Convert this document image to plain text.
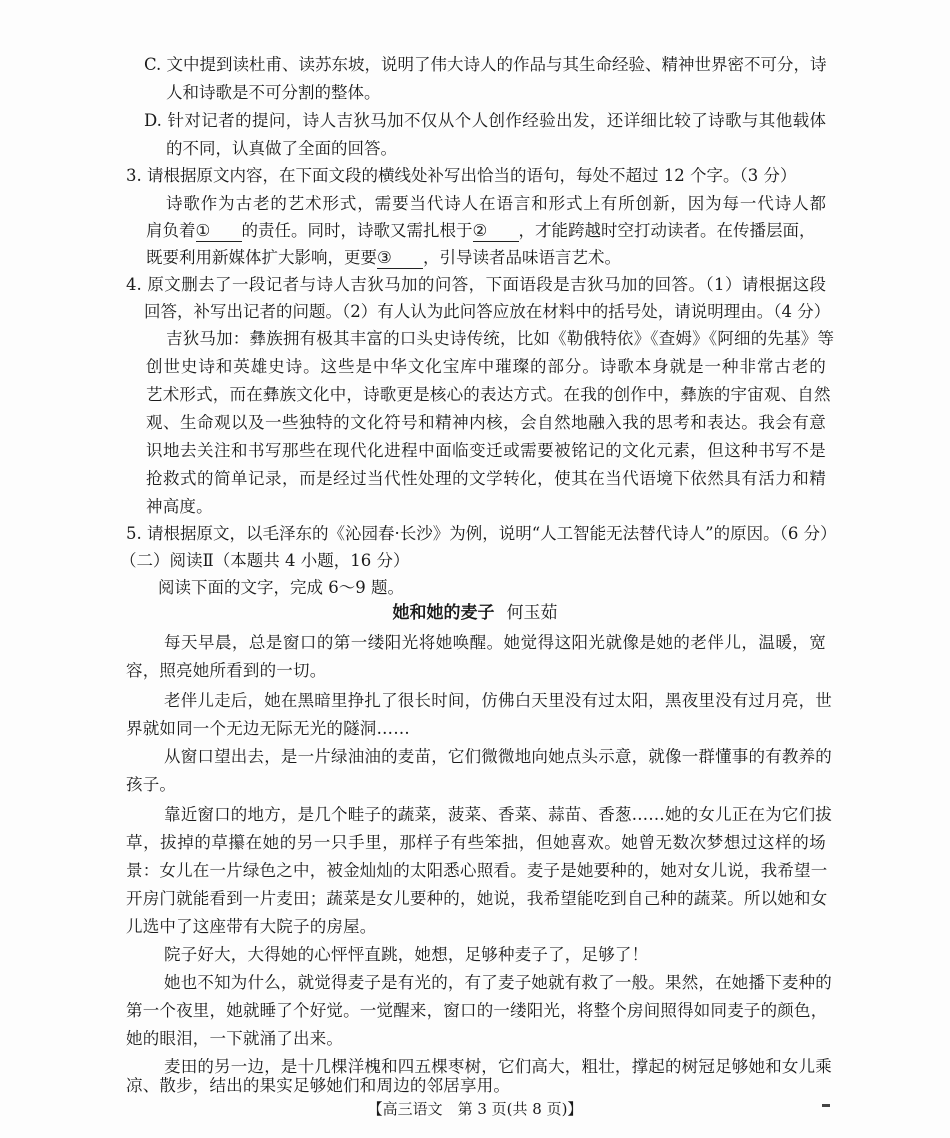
C. 文中提到读杜甫、读苏东坡，说明了伟大诗人的作品与其生命经验、精神世界密不可分，诗

人和诗歌是不可分割的整体。

D. 针对记者的提问，诗人吉狄马加不仅从个人创作经验出发，还详细比较了诗歌与其他载体

的不同，认真做了全面的回答。

3. 请根据原文内容，在下面文段的横线处补写出恰当的语句，每处不超过 12 个字。（3 分）

诗歌作为古老的艺术形式，需要当代诗人在语言和形式上有所创新，因为每一代诗人都

肩负着① 的责任。同时，诗歌又需扎根于② ，才能跨越时空打动读者。在传播层面，
既要利用新媒体扩大影响，更要③ ，引导读者品味语言艺术。

4. 原文删去了一段记者与诗人吉狄马加的问答，下面语段是吉狄马加的回答。（1）请根据这段

回答，补写出记者的问题。（2）有人认为此问答应放在材料中的括号处，请说明理由。（4 分）

吉狄马加：彝族拥有极其丰富的口头史诗传统，比如《勒俄特依》《查姆》《阿细的先基》等

创世史诗和英雄史诗。这些是中华文化宝库中璀璨的部分。诗歌本身就是一种非常古老的

艺术形式，而在彝族文化中，诗歌更是核心的表达方式。在我的创作中，彝族的宇宙观、自然

观、生命观以及一些独特的文化符号和精神内核，会自然地融入我的思考和表达。我会有意

识地去关注和书写那些在现代化进程中面临变迁或需要被铭记的文化元素，但这种书写不是

抢救式的简单记录，而是经过当代性处理的文学转化，使其在当代语境下依然具有活力和精

神高度。

5. 请根据原文，以毛泽东的《沁园春·长沙》为例，说明“人工智能无法替代诗人”的原因。（6 分）

（二）阅读Ⅱ（本题共 4 小题，16 分）

阅读下面的文字，完成 6～9 题。

她和她的麦子 何玉茹

每天早晨，总是窗口的第一缕阳光将她唤醒。她觉得这阳光就像是她的老伴儿，温暖，宽

容，照亮她所看到的一切。

老伴儿走后，她在黑暗里挣扎了很长时间，仿佛白天里没有过太阳，黑夜里没有过月亮，世

界就如同一个无边无际无光的隧洞……

从窗口望出去，是一片绿油油的麦苗，它们微微地向她点头示意，就像一群懂事的有教养的

孩子。

靠近窗口的地方，是几个畦子的蔬菜，菠菜、香菜、蒜苗、香葱……她的女儿正在为它们拔

草，拔掉的草攥在她的另一只手里，那样子有些笨拙，但她喜欢。她曾无数次梦想过这样的场

景：女儿在一片绿色之中，被金灿灿的太阳悉心照看。麦子是她要种的，她对女儿说，我希望一

开房门就能看到一片麦田；蔬菜是女儿要种的，她说，我希望能吃到自己种的蔬菜。所以她和女

儿选中了这座带有大院子的房屋。

院子好大，大得她的心怦怦直跳，她想，足够种麦子了，足够了！

她也不知为什么，就觉得麦子是有光的，有了麦子她就有救了一般。果然，在她播下麦种的

第一个夜里，她就睡了个好觉。一觉醒来，窗口的一缕阳光，将整个房间照得如同麦子的颜色，

她的眼泪，一下就涌了出来。

麦田的另一边，是十几棵洋槐和四五棵枣树，它们高大，粗壮，撑起的树冠足够她和女儿乘

凉、散步，结出的果实足够她们和周边的邻居享用。

【高三语文　第 3 页(共 8 页)】
